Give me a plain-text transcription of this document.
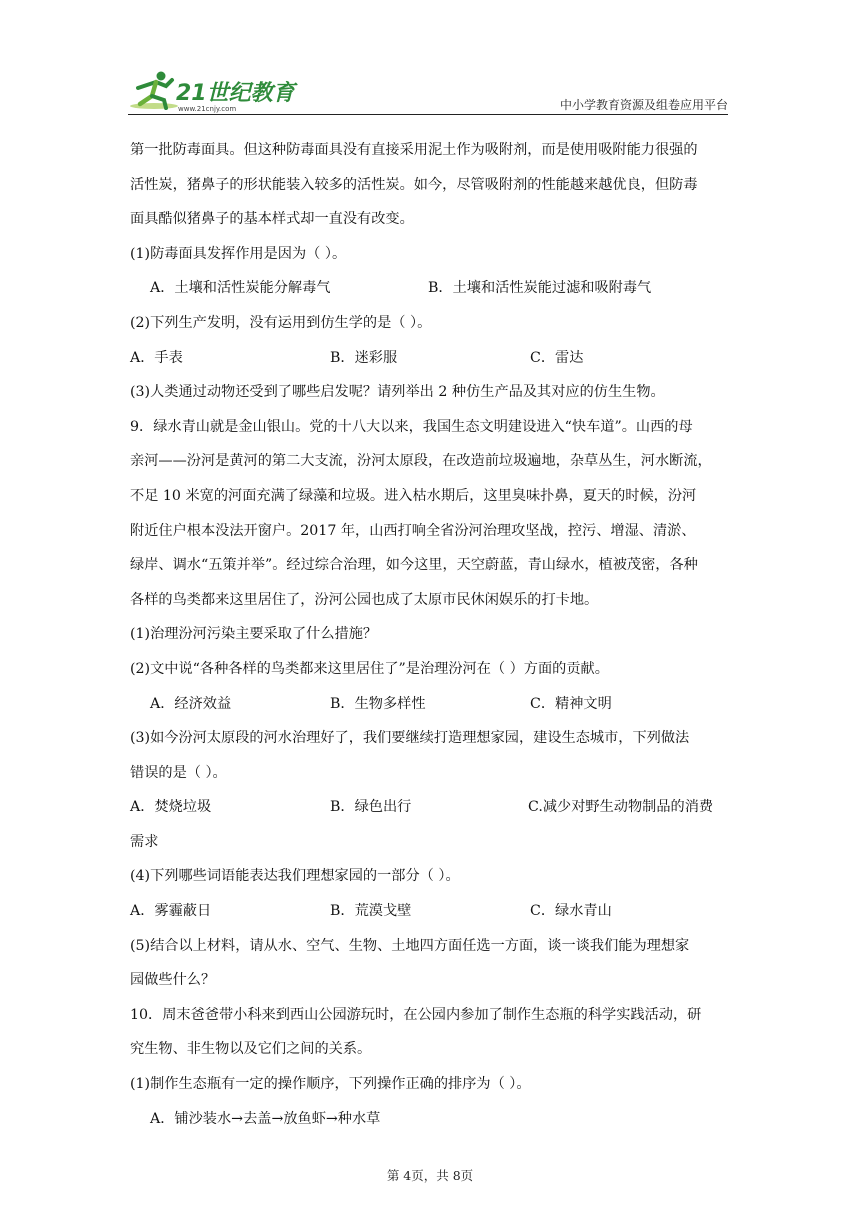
21世纪教育
www.21cnjy.com	中小学教育资源及组卷应用平台
第一批防毒面具。但这种防毒面具没有直接采用泥土作为吸附剂，而是使用吸附能力很强的
活性炭，猪鼻子的形状能装入较多的活性炭。如今，尽管吸附剂的性能越来越优良，但防毒
面具酷似猪鼻子的基本样式却一直没有改变。
(1)防毒面具发挥作用是因为（ ）。
A．土壤和活性炭能分解毒气	B．土壤和活性炭能过滤和吸附毒气
(2)下列生产发明，没有运用到仿生学的是（ ）。
A．手表	B．迷彩服	C．雷达
(3)人类通过动物还受到了哪些启发呢？请列举出 2 种仿生产品及其对应的仿生生物。
9．绿水青山就是金山银山。党的十八大以来，我国生态文明建设进入“快车道”。山西的母
亲河——汾河是黄河的第二大支流，汾河太原段，在改造前垃圾遍地，杂草丛生，河水断流，
不足 10 米宽的河面充满了绿藻和垃圾。进入枯水期后，这里臭味扑鼻，夏天的时候，汾河
附近住户根本没法开窗户。2017 年，山西打响全省汾河治理攻坚战，控污、增湿、清淤、
绿岸、调水“五策并举”。经过综合治理，如今这里，天空蔚蓝，青山绿水，植被茂密，各种
各样的鸟类都来这里居住了，汾河公园也成了太原市民休闲娱乐的打卡地。
(1)治理汾河污染主要采取了什么措施？
(2)文中说“各种各样的鸟类都来这里居住了”是治理汾河在（ ）方面的贡献。
A．经济效益	B．生物多样性	C．精神文明
(3)如今汾河太原段的河水治理好了，我们要继续打造理想家园，建设生态城市，下列做法
错误的是（ ）。
A．焚烧垃圾	B．绿色出行	C.减少对野生动物制品的消费
需求
(4)下列哪些词语能表达我们理想家园的一部分（ ）。
A．雾霾蔽日	B．荒漠戈壁	C．绿水青山
(5)结合以上材料，请从水、空气、生物、土地四方面任选一方面，谈一谈我们能为理想家
园做些什么？
10．周末爸爸带小科来到西山公园游玩时，在公园内参加了制作生态瓶的科学实践活动，研
究生物、非生物以及它们之间的关系。
(1)制作生态瓶有一定的操作顺序，下列操作正确的排序为（ ）。
A．铺沙装水→去盖→放鱼虾→种水草
第 4页，共 8页
